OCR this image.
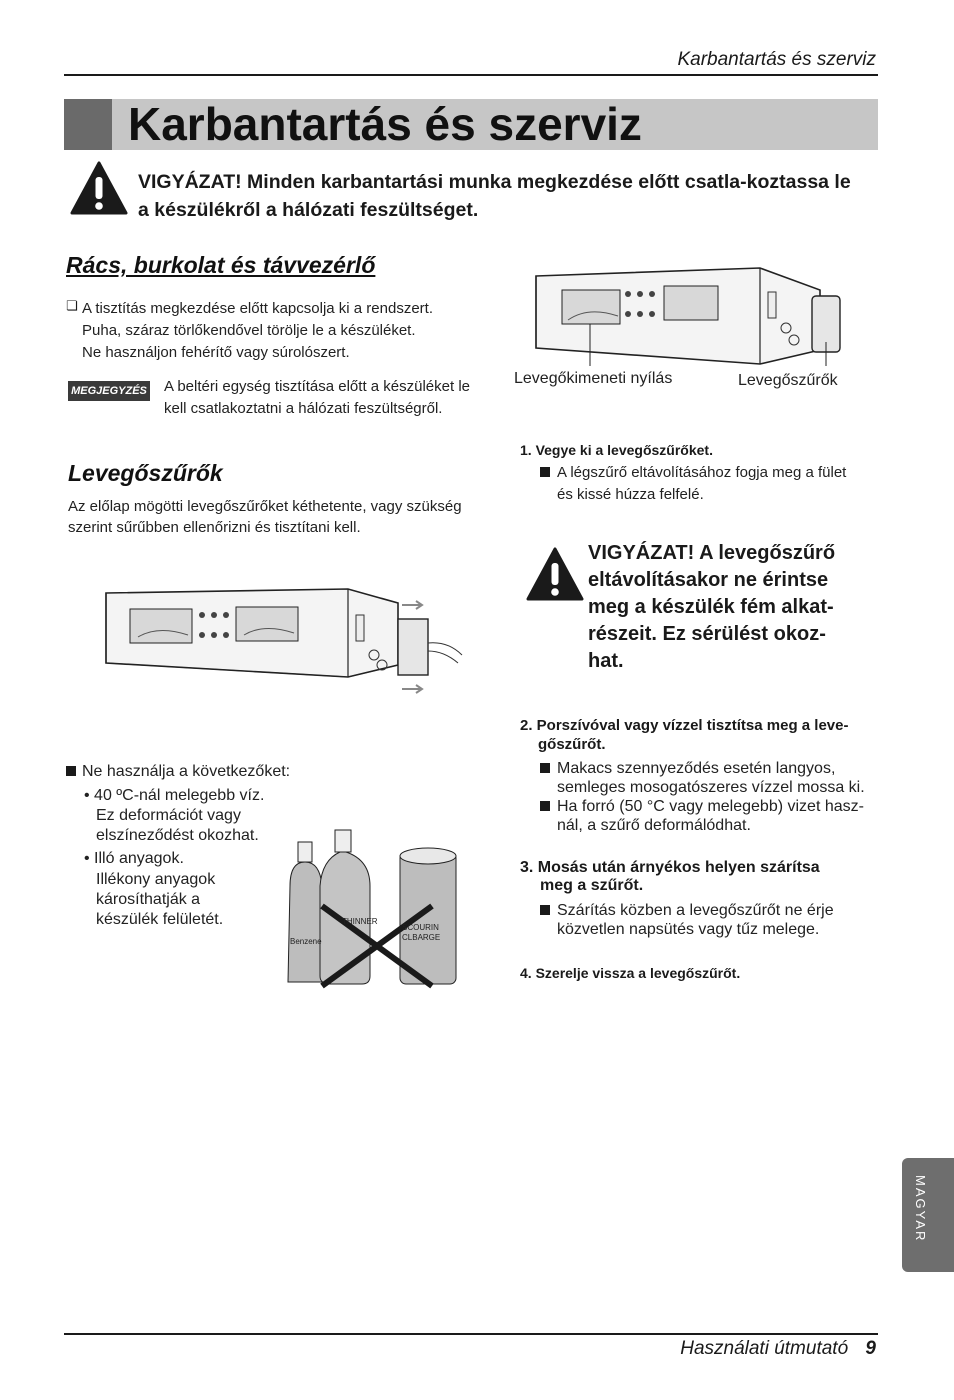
Karbantartás és szerviz
Karbantartás és szerviz
VIGYÁZAT! Minden karbantartási munka megkezdése előtt csatla-koztassa le a készülékről a hálózati feszültséget.
Rács, burkolat és távvezérlő
❏ A tisztítás megkezdése előtt kapcsolja ki a rendszert.
Puha, száraz törlőkendővel törölje le a készüléket.
Ne használjon fehérítő vagy súrolószert.
MEGJEGYZÉS A beltéri egység tisztítása előtt a készüléket le
kell csatlakoztatni a hálózati feszültségről.
Levegőszűrők
Az előlap mögötti levegőszűrőket kéthetente, vagy szükség
szerint sűrűbben ellenőrizni és tisztítani kell.
Ne használja a következőket:
• 40 ºC-nál melegebb víz.
Ez deformációt vagy
elszíneződést okozhat.
• Illó anyagok.
Illékony anyagok
károsíthatják a
készülék felületét.
Benzene
THINNER
SCOURIN
CLBARGE
Levegőkimeneti nyílás	Levegőszűrők
1. Vegye ki a levegőszűrőket.
A légszűrő eltávolításához fogja meg a fület
és kissé húzza felfelé.
VIGYÁZAT! A levegőszűrő
eltávolításakor ne érintse
meg a készülék fém alkat-
részeit. Ez sérülést okoz-
hat.
2. Porszívóval vagy vízzel tisztítsa meg a leve-
gőszűrőt.
Makacs szennyeződés esetén langyos,
semleges mosogatószeres vízzel mossa ki.
Ha forró (50 °C vagy melegebb) vizet hasz-
nál, a szűrő deformálódhat.
3. Mosás után árnyékos helyen szárítsa
meg a szűrőt.
Szárítás közben a levegőszűrőt ne érje
közvetlen napsütés vagy tűz melege.
4. Szerelje vissza a levegőszűrőt.
MAGYAR
Használati útmutató 9
